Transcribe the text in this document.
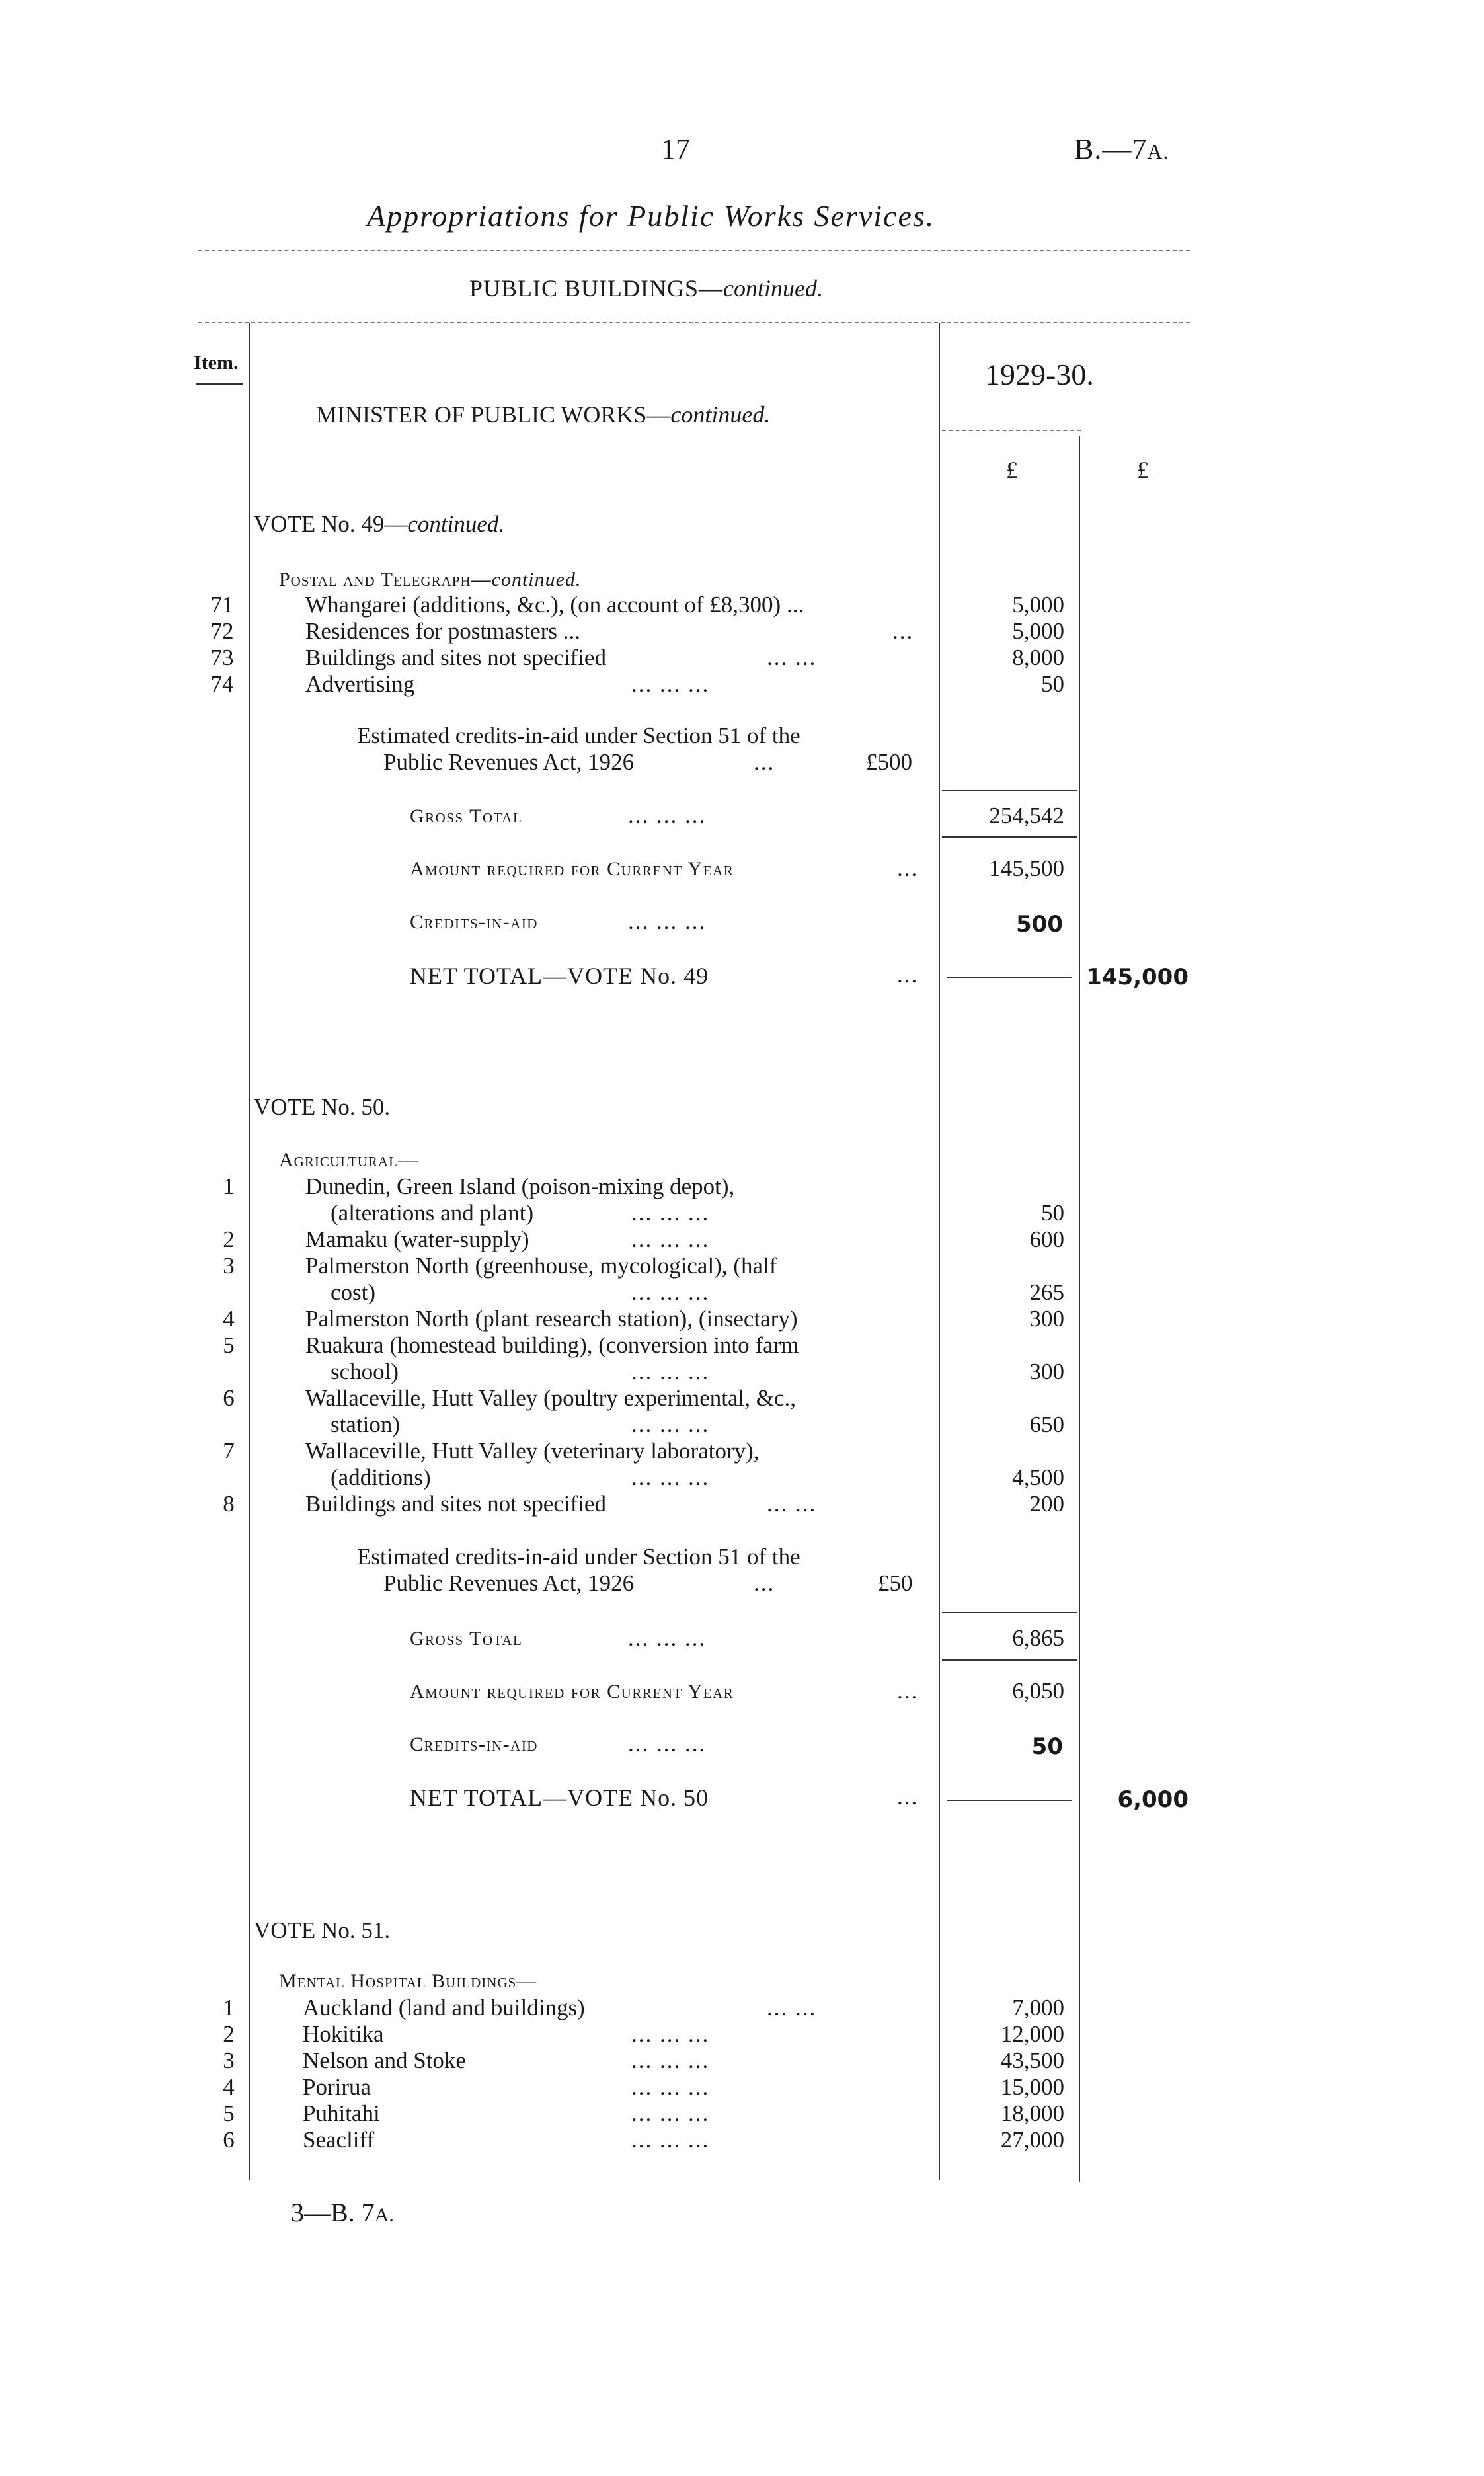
17	B.—7A.
Appropriations for Public Works Services.
PUBLIC BUILDINGS—continued.
Item.
MINISTER OF PUBLIC WORKS—continued.
1929-30.
£	£
VOTE No. 49—continued.
Postal and Telegraph—continued.
71	Whangarei (additions, &c.), (on account of £8,300) ...	5,000
72	Residences for postmasters ...	...	5,000
73	Buildings and sites not specified	... ...	8,000
74	Advertising	... ... ...	50
Estimated credits-in-aid under Section 51 of the
Public Revenues Act, 1926	...	£500
Gross Total	... ... ...	254,542
Amount required for Current Year	...	145,500
Credits-in-aid	... ... ...	500
NET TOTAL—VOTE No. 49	...	145,000
VOTE No. 50.
Agricultural—
1	Dunedin, Green Island (poison-mixing depot),
(alterations and plant)	... ... ...	50
2	Mamaku (water-supply)	... ... ...	600
3	Palmerston North (greenhouse, mycological), (half
cost)	... ... ...	265
4	Palmerston North (plant research station), (insectary)	300
5	Ruakura (homestead building), (conversion into farm
school)	... ... ...	300
6	Wallaceville, Hutt Valley (poultry experimental, &c.,
station)	... ... ...	650
7	Wallaceville, Hutt Valley (veterinary laboratory),
(additions)	... ... ...	4,500
8	Buildings and sites not specified	... ...	200
Estimated credits-in-aid under Section 51 of the
Public Revenues Act, 1926	...	£50
Gross Total	... ... ...	6,865
Amount required for Current Year	...	6,050
Credits-in-aid	... ... ...	50
NET TOTAL—VOTE No. 50	...	6,000
VOTE No. 51.
Mental Hospital Buildings—
1	Auckland (land and buildings)	... ...	7,000
2	Hokitika	... ... ...	12,000
3	Nelson and Stoke	... ... ...	43,500
4	Porirua	... ... ...	15,000
5	Puhitahi	... ... ...	18,000
6	Seacliff	... ... ...	27,000
3—B. 7A.
